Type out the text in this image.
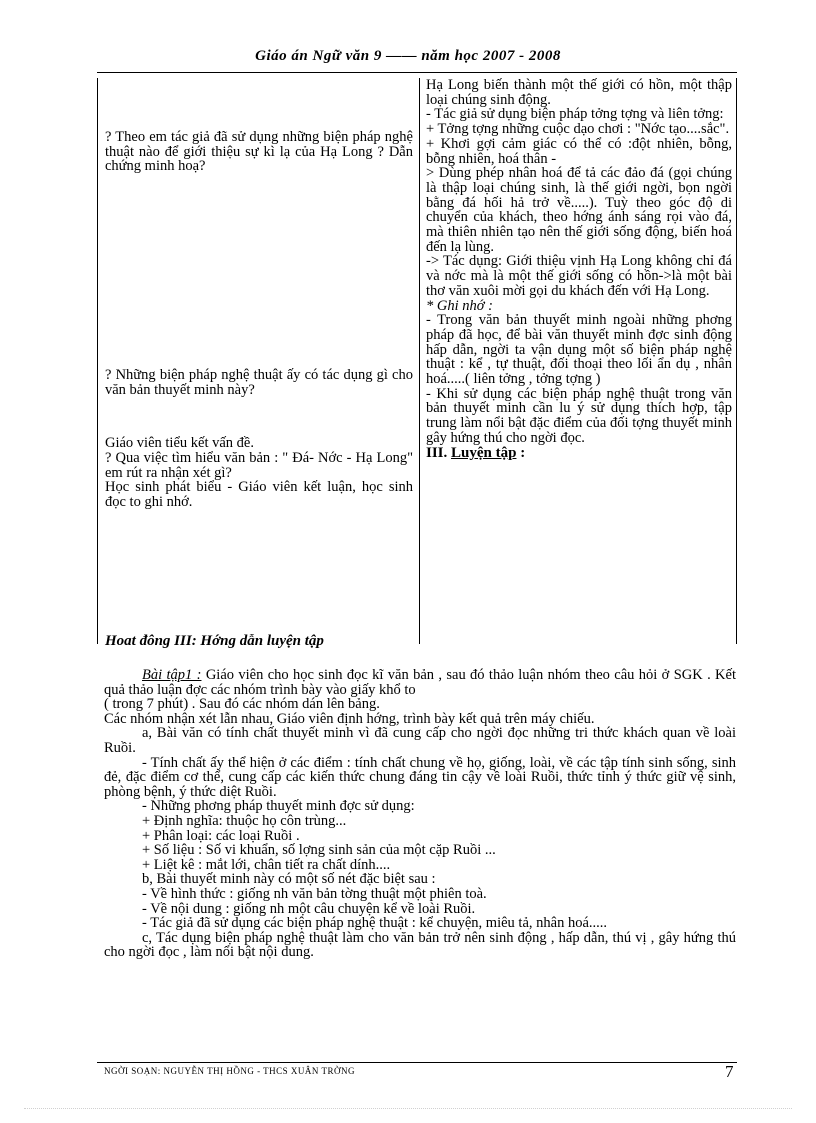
Giáo án Ngữ văn 9 —— năm học 2007 - 2008

? Theo em tác giả đã sử dụng những biện pháp nghệ thuật nào để giới thiệu sự kì lạ của Hạ Long ? Dẫn chứng minh hoạ?

? Những biện pháp nghệ thuật ấy có tác dụng gì cho văn bản thuyết minh này?

Giáo viên tiểu kết vấn đề.

? Qua việc tìm hiểu văn bản : " Đá- Nớc - Hạ Long" em rút ra nhận xét gì?

Học sinh phát biểu - Giáo viên kết luận, học sinh đọc to ghi nhớ.

Hoat đông III: Hớng dẫn luyện tập

Hạ Long biến thành một thế giới có hồn, một thập loại chúng sinh động.

- Tác giả sử dụng biện pháp tởng tợng và liên tởng:

+ Tởng tợng những cuộc dạo chơi : "Nớc tạo....sắc".

+ Khơi gợi cảm giác có thể có :đột nhiên, bỗng, bỗng nhiên, hoá thân -

> Dùng phép nhân hoá để tả các đảo đá (gọi chúng là thập loại chúng sinh, là thế giới ngời, bọn ngời bằng đá hối hả trở về.....). Tuỳ theo góc độ di chuyển của khách, theo hớng ánh sáng rọi vào đá, mà thiên nhiên tạo nên thế giới sống động, biến hoá đến lạ lùng.

-> Tác dụng: Giới thiệu vịnh Hạ Long không chỉ đá và nớc mà là một thế giới sống có hồn->là một bài thơ văn xuôi mời gọi du khách đến với Hạ Long.

* Ghi nhớ :

- Trong văn bản thuyết minh ngoài những phơng pháp đã học, để bài văn thuyết minh đợc sinh động hấp dẫn, ngời ta vận dụng một số biện pháp nghệ thuật : kể , tự thuật, đối thoại theo lối ẩn dụ , nhân hoá.....( liên tởng , tởng tợng )

- Khi sử dụng các biện pháp nghệ thuật trong văn bản thuyết minh cần lu ý sử dụng thích hợp, tập trung làm nổi bật đặc điểm của đối tợng thuyết minh gây hứng thú cho ngời đọc.

III. Luyện tập :

Bài tập1 : Giáo viên cho học sinh đọc kĩ văn bản , sau đó thảo luận nhóm theo câu hỏi ở SGK . Kết quả thảo luận đợc các nhóm trình bày vào giấy khổ to

( trong 7 phút) . Sau đó các nhóm dán lên bảng.

Các nhóm nhận xét lẫn nhau, Giáo viên định hớng, trình bày kết quả trên máy chiếu.

a, Bài văn có tính chất thuyết minh vì đã cung cấp cho ngời đọc những tri thức khách quan về loài Ruồi.

- Tính chất ấy thể hiện ở các điểm : tính chất chung về họ, giống, loài, về các tập tính sinh sống, sinh đẻ, đặc điểm cơ thể, cung cấp các kiến thức chung đáng tin cậy về loài Ruồi, thức tỉnh ý thức giữ vệ sinh, phòng bệnh, ý thức diệt Ruồi.

- Những phơng pháp thuyết minh đợc sử dụng:

+ Định nghĩa: thuộc họ côn trùng...

+ Phân loại: các loại Ruồi .

+ Số liệu : Số vi khuẩn, số lợng sinh sản của một cặp Ruồi ...

+ Liệt kê : mắt lới, chân tiết ra chất dính....

b, Bài thuyết minh này có một số nét đặc biệt sau :

- Về hình thức : giống nh văn bản tờng thuật một phiên toà.

- Về nội dung : giống nh một câu chuyện kể về loài Ruồi.

- Tác giả đã sử dụng các biện pháp nghệ thuật : kể chuyện, miêu tả, nhân hoá.....

c, Tác dụng biện pháp nghệ thuật làm cho văn bản trở nên sinh động , hấp dẫn, thú vị , gây hứng thú cho ngời đọc , làm nổi bật nội dung.

NGỜI SOẠN: NGUYỄN THỊ HỒNG - THCS XUÂN TRỜNG	7
